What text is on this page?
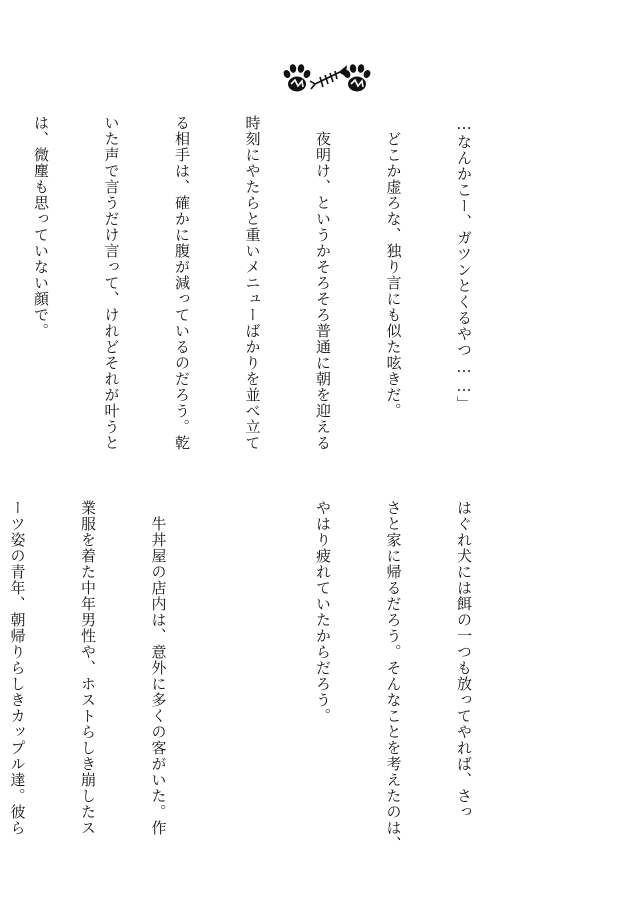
…なんかこー、ガツンとくるやつ……」

　どこか虚ろな、独り言にも似た呟きだ。

　夜明け、というかそろそろ普通に朝を迎える

時刻にやたらと重いメニューばかりを並べ立て

る相手は、確かに腹が減っているのだろう。乾

いた声で言うだけ言って、けれどそれが叶うと

は、微塵も思っていない顔で。

はぐれ犬には餌の一つも放ってやれば、さっ

さと家に帰るだろう。そんなことを考えたのは、

やはり疲れていたからだろう。

　牛丼屋の店内は、意外に多くの客がいた。作

業服を着た中年男性や、ホストらしき崩したス

ーツ姿の青年、朝帰りらしきカップル達。彼ら
